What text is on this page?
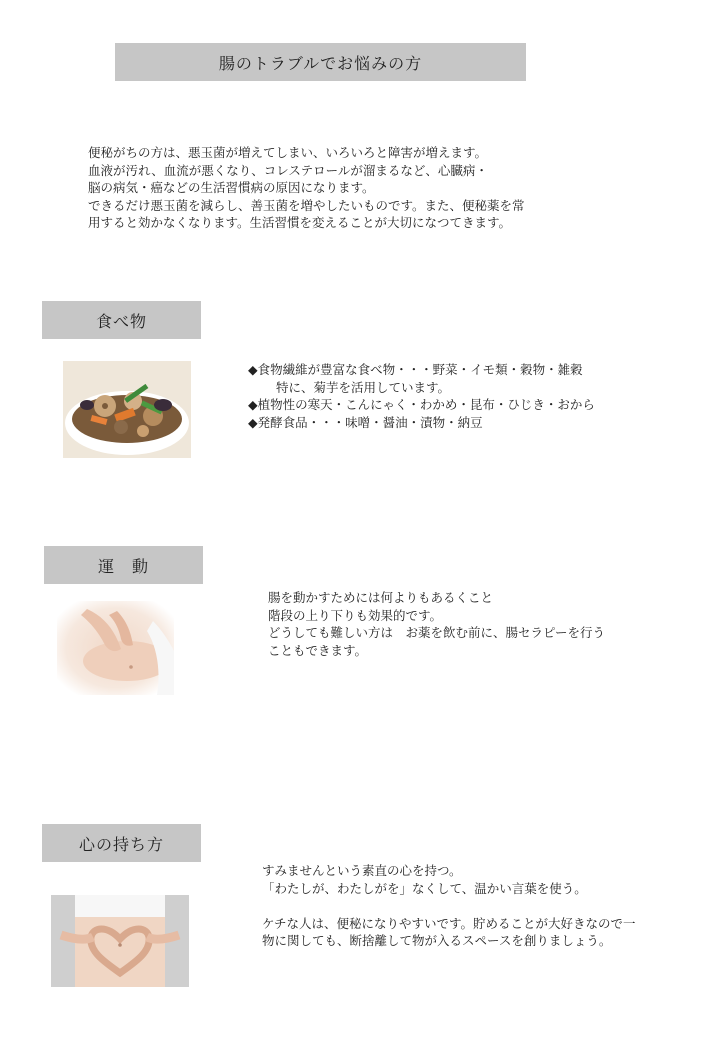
腸のトラブルでお悩みの方
便秘がちの方は、悪玉菌が増えてしまい、いろいろと障害が増えます。
血液が汚れ、血流が悪くなり、コレステロールが溜まるなど、心臓病・
脳の病気・癌などの生活習慣病の原因になります。
できるだけ悪玉菌を減らし、善玉菌を増やしたいものです。また、便秘薬を常
用すると効かなくなります。生活習慣を変えることが大切になつてきます。
食べ物
◆食物繊維が豊富な食べ物・・・野菜・イモ類・穀物・雑穀
特に、菊芋を活用しています。
◆植物性の寒天・こんにゃく・わかめ・昆布・ひじき・おから
◆発酵食品・・・味噌・醤油・漬物・納豆
運　動
腸を動かすためには何よりもあるくこと
階段の上り下りも効果的です。
どうしても難しい方は　お薬を飲む前に、腸セラピーを行う
こともできます。
心の持ち方
すみませんという素直の心を持つ。
「わたしが、わたしがを」なくして、温かい言葉を使う。
ケチな人は、便秘になりやすいです。貯めることが大好きなので一
物に関しても、断捨離して物が入るスペースを創りましょう。
